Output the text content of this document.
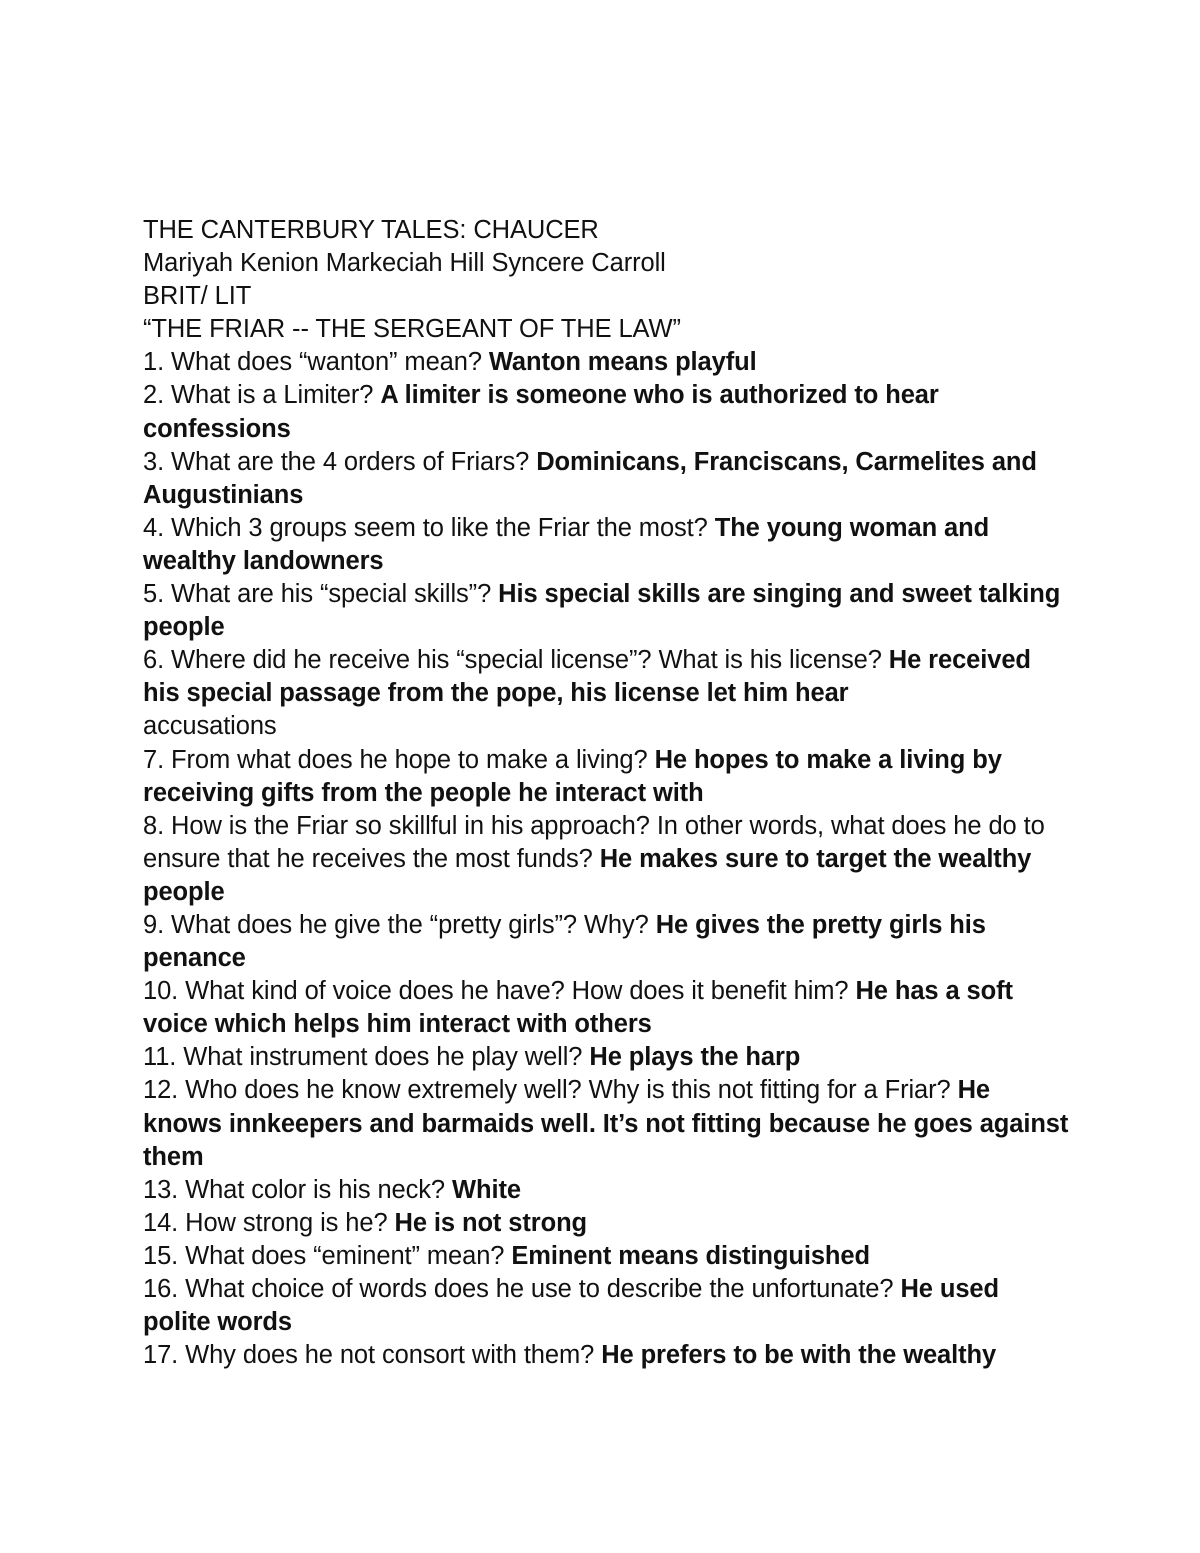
THE CANTERBURY TALES: CHAUCER
Mariyah Kenion Markeciah Hill Syncere Carroll
BRIT/ LIT
“THE FRIAR -- THE SERGEANT OF THE LAW”
1. What does “wanton” mean? Wanton means playful
2. What is a Limiter? A limiter is someone who is authorized to hear confessions
3. What are the 4 orders of Friars? Dominicans, Franciscans, Carmelites and Augustinians
4. Which 3 groups seem to like the Friar the most? The young woman and wealthy landowners
5. What are his “special skills”? His special skills are singing and sweet talking people
6. Where did he receive his “special license”? What is his license? He received his special passage from the pope, his license let him hear
accusations
7. From what does he hope to make a living? He hopes to make a living by receiving gifts from the people he interact with
8. How is the Friar so skillful in his approach? In other words, what does he do to ensure that he receives the most funds? He makes sure to target the wealthy people
9. What does he give the “pretty girls”? Why? He gives the pretty girls his penance
10. What kind of voice does he have? How does it benefit him? He has a soft voice which helps him interact with others
11. What instrument does he play well? He plays the harp
12. Who does he know extremely well? Why is this not fitting for a Friar? He knows innkeepers and barmaids well. It’s not fitting because he goes against them
13. What color is his neck? White
14. How strong is he? He is not strong
15. What does “eminent” mean? Eminent means distinguished
16. What choice of words does he use to describe the unfortunate? He used polite words
17. Why does he not consort with them? He prefers to be with the wealthy
